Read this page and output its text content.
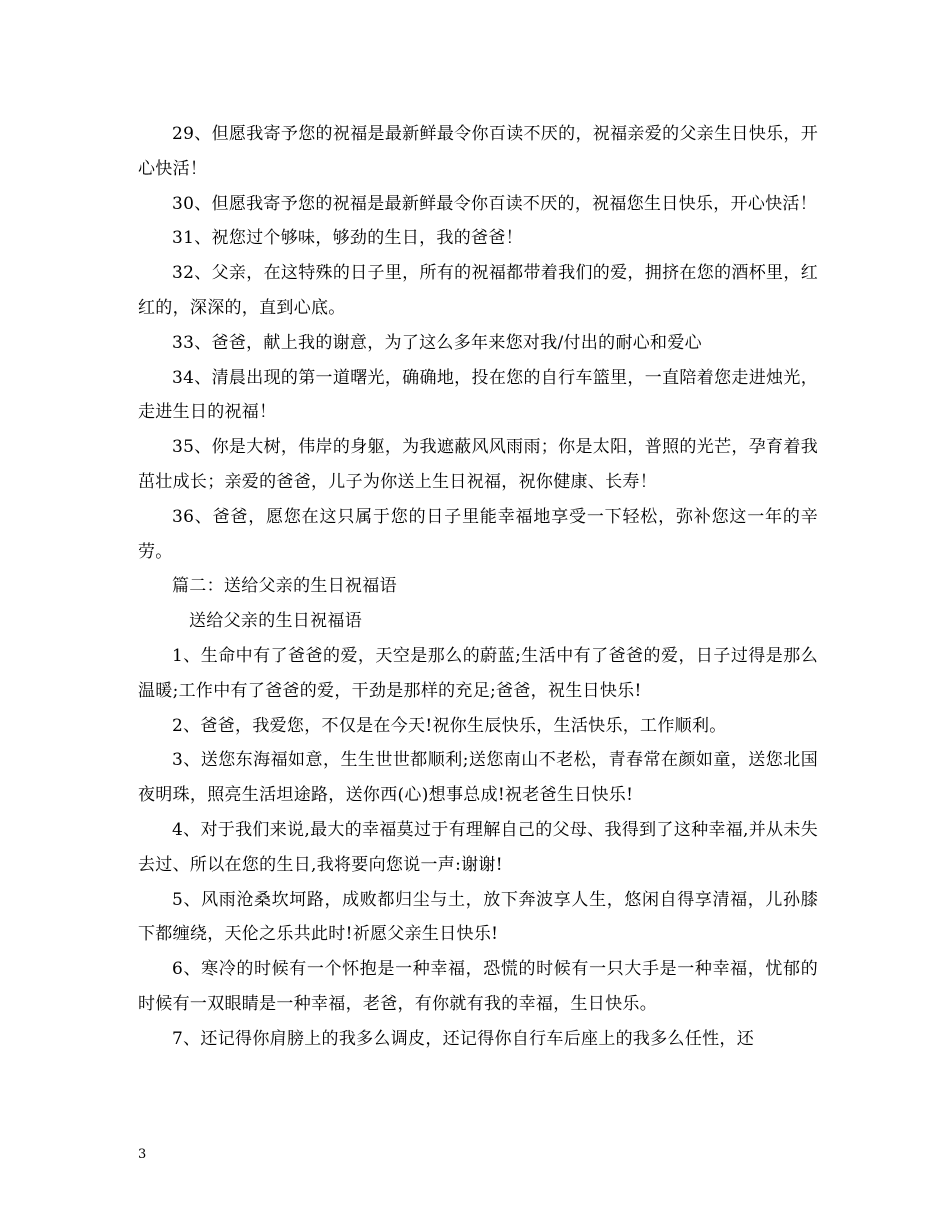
29、但愿我寄予您的祝福是最新鲜最令你百读不厌的，祝福亲爱的父亲生日快乐，开心快活！

30、但愿我寄予您的祝福是最新鲜最令你百读不厌的，祝福您生日快乐，开心快活！

31、祝您过个够味，够劲的生日，我的爸爸！

32、父亲，在这特殊的日子里，所有的祝福都带着我们的爱，拥挤在您的酒杯里，红红的，深深的，直到心底。

33、爸爸，献上我的谢意，为了这么多年来您对我/付出的耐心和爱心

34、清晨出现的第一道曙光，确确地，投在您的自行车篮里，一直陪着您走进烛光，走进生日的祝福！

35、你是大树，伟岸的身躯，为我遮蔽风风雨雨；你是太阳，普照的光芒，孕育着我茁壮成长；亲爱的爸爸，儿子为你送上生日祝福，祝你健康、长寿！

36、爸爸，愿您在这只属于您的日子里能幸福地享受一下轻松，弥补您这一年的辛劳。

篇二：送给父亲的生日祝福语

送给父亲的生日祝福语

1、生命中有了爸爸的爱，天空是那么的蔚蓝;生活中有了爸爸的爱，日子过得是那么温暖;工作中有了爸爸的爱，干劲是那样的充足;爸爸，祝生日快乐!

2、爸爸，我爱您，不仅是在今天!祝你生辰快乐，生活快乐，工作顺利。

3、送您东海福如意，生生世世都顺利;送您南山不老松，青春常在颜如童，送您北国夜明珠，照亮生活坦途路，送你西(心)想事总成!祝老爸生日快乐!

4、对于我们来说,最大的幸福莫过于有理解自己的父母、我得到了这种幸福,并从未失去过、所以在您的生日,我将要向您说一声:谢谢!

5、风雨沧桑坎坷路，成败都归尘与土，放下奔波享人生，悠闲自得享清福，儿孙膝下都缠绕，天伦之乐共此时!祈愿父亲生日快乐!

6、寒冷的时候有一个怀抱是一种幸福，恐慌的时候有一只大手是一种幸福，忧郁的时候有一双眼睛是一种幸福，老爸，有你就有我的幸福，生日快乐。

7、还记得你肩膀上的我多么调皮，还记得你自行车后座上的我多么任性，还

3
